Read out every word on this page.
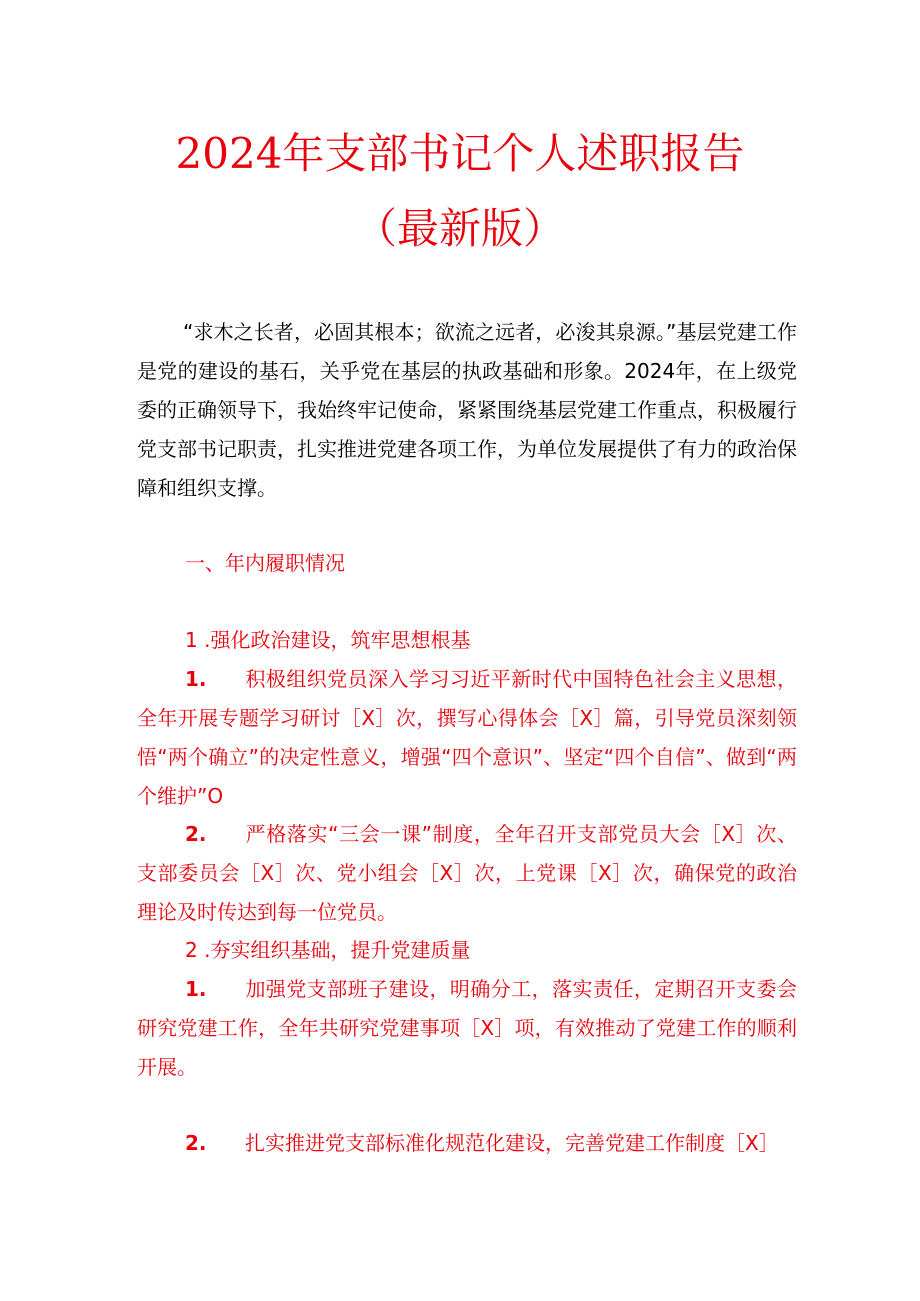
2024年支部书记个人述职报告
（最新版）

“求木之长者，必固其根本；欲流之远者，必浚其泉源。”基层党建工作是党的建设的基石，关乎党在基层的执政基础和形象。2024年，在上级党委的正确领导下，我始终牢记使命，紧紧围绕基层党建工作重点，积极履行党支部书记职责，扎实推进党建各项工作，为单位发展提供了有力的政治保障和组织支撑。

一、年内履职情况

1 .强化政治建设，筑牢思想根基

1. 积极组织党员深入学习习近平新时代中国特色社会主义思想，全年开展专题学习研讨［X］次，撰写心得体会［X］篇，引导党员深刻领悟“两个确立”的决定性意义，增强“四个意识”、坚定“四个自信”、做到“两个维护”O

2. 严格落实“三会一课”制度，全年召开支部党员大会［X］次、支部委员会［X］次、党小组会［X］次，上党课［X］次，确保党的政治理论及时传达到每一位党员。

2 .夯实组织基础，提升党建质量

1. 加强党支部班子建设，明确分工，落实责任，定期召开支委会研究党建工作，全年共研究党建事项［X］项，有效推动了党建工作的顺利开展。

2. 扎实推进党支部标准化规范化建设，完善党建工作制度［X］
